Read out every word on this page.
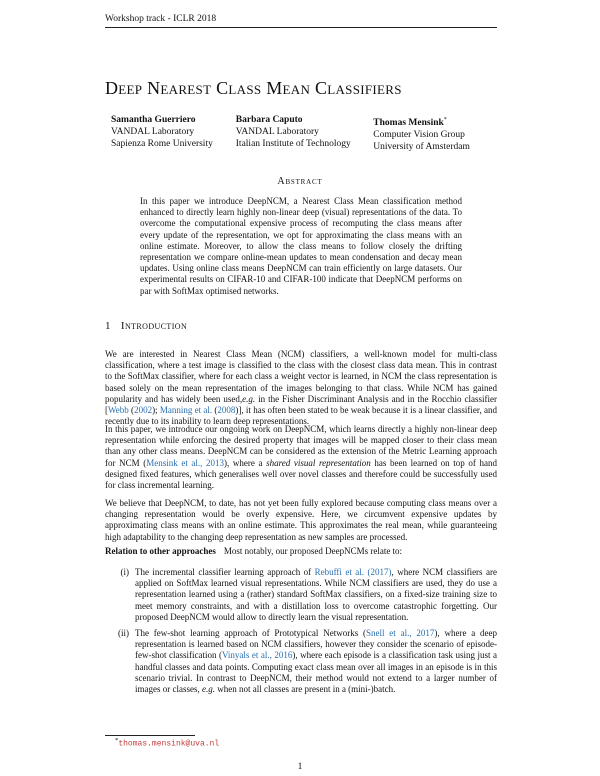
Workshop track - ICLR 2018
Deep Nearest Class Mean Classifiers
Samantha Guerriero
VANDAL Laboratory
Sapienza Rome University
Barbara Caputo
VANDAL Laboratory
Italian Institute of Technology
Thomas Mensink*
Computer Vision Group
University of Amsterdam
Abstract
In this paper we introduce DeepNCM, a Nearest Class Mean classification method enhanced to directly learn highly non-linear deep (visual) representations of the data. To overcome the computational expensive process of recomputing the class means after every update of the representation, we opt for approximating the class means with an online estimate. Moreover, to allow the class means to follow closely the drifting representation we compare online-mean updates to mean condensation and decay mean updates. Using online class means DeepNCM can train efficiently on large datasets. Our experimental results on CIFAR-10 and CIFAR-100 indicate that DeepNCM performs on par with SoftMax optimised networks.
1 Introduction
We are interested in Nearest Class Mean (NCM) classifiers, a well-known model for multi-class classification, where a test image is classified to the class with the closest class data mean. This in contrast to the SoftMax classifier, where for each class a weight vector is learned, in NCM the class representation is based solely on the mean representation of the images belonging to that class. While NCM has gained popularity and has widely been used,e.g. in the Fisher Discriminant Analysis and in the Rocchio classifier [Webb (2002); Manning et al. (2008)], it has often been stated to be weak because it is a linear classifier, and recently due to its inability to learn deep representations.
In this paper, we introduce our ongoing work on DeepNCM, which learns directly a highly non-linear deep representation while enforcing the desired property that images will be mapped closer to their class mean than any other class means. DeepNCM can be considered as the extension of the Metric Learning approach for NCM (Mensink et al., 2013), where a shared visual representation has been learned on top of hand designed fixed features, which generalises well over novel classes and therefore could be successfully used for class incremental learning.
We believe that DeepNCM, to date, has not yet been fully explored because computing class means over a changing representation would be overly expensive. Here, we circumvent expensive updates by approximating class means with an online estimate. This approximates the real mean, while guaranteeing high adaptability to the changing deep representation as new samples are processed.
Relation to other approaches Most notably, our proposed DeepNCMs relate to:
(i) The incremental classifier learning approach of Rebuffi et al. (2017), where NCM classifiers are applied on SoftMax learned visual representations. While NCM classifiers are used, they do use a representation learned using a (rather) standard SoftMax classifiers, on a fixed-size training size to meet memory constraints, and with a distillation loss to overcome catastrophic forgetting. Our proposed DeepNCM would allow to directly learn the visual representation.
(ii) The few-shot learning approach of Prototypical Networks (Snell et al., 2017), where a deep representation is learned based on NCM classifiers, however they consider the scenario of episode-few-shot classification (Vinyals et al., 2016), where each episode is a classification task using just a handful classes and data points. Computing exact class mean over all images in an episode is in this scenario trivial. In contrast to DeepNCM, their method would not extend to a larger number of images or classes, e.g. when not all classes are present in a (mini-)batch.
*thomas.mensink@uva.nl
1
